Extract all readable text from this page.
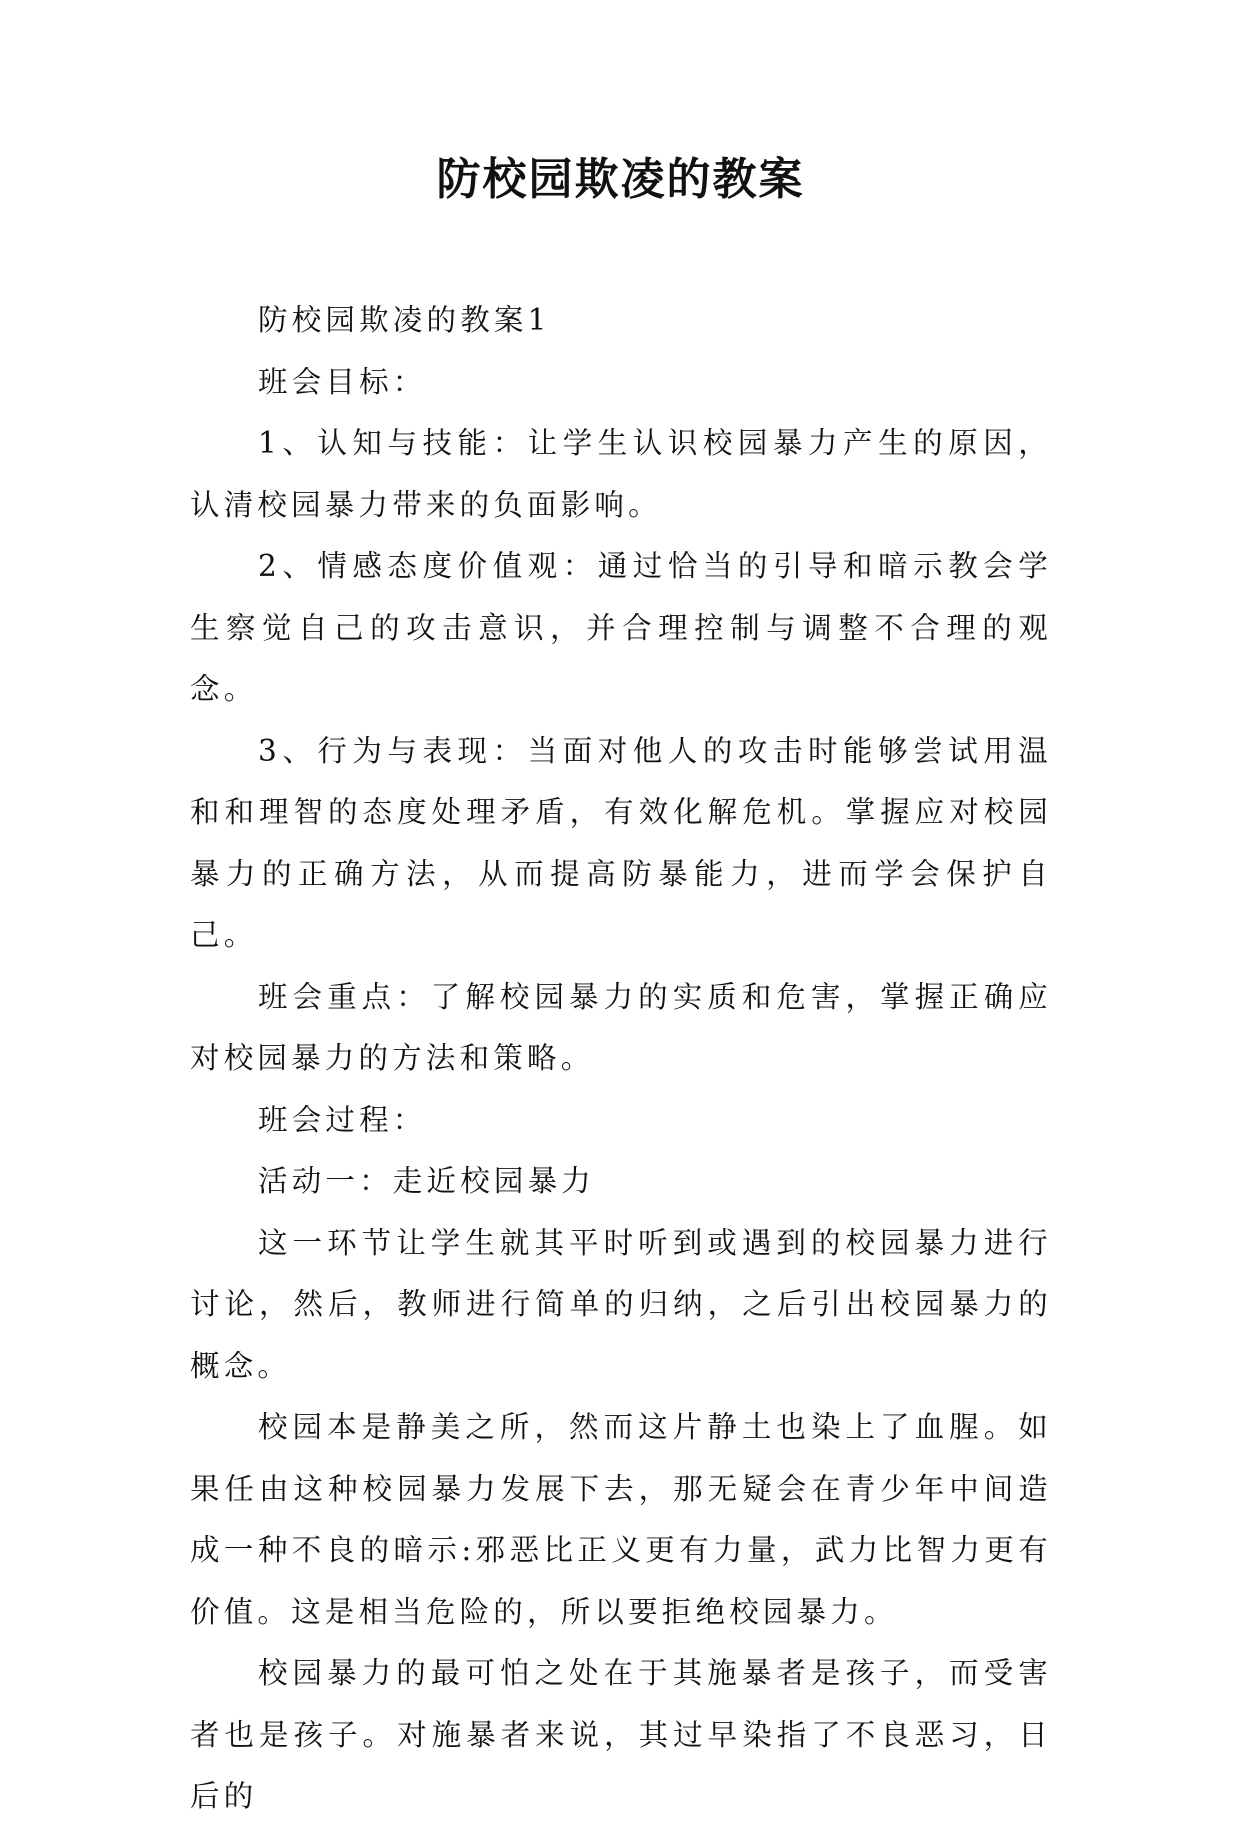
防校园欺凌的教案

防校园欺凌的教案1

班会目标：

1、认知与技能：让学生认识校园暴力产生的原因，认清校园暴力带来的负面影响。

2、情感态度价值观：通过恰当的引导和暗示教会学生察觉自己的攻击意识，并合理控制与调整不合理的观念。

3、行为与表现：当面对他人的攻击时能够尝试用温和和理智的态度处理矛盾，有效化解危机。掌握应对校园暴力的正确方法，从而提高防暴能力，进而学会保护自己。

班会重点：了解校园暴力的实质和危害，掌握正确应对校园暴力的方法和策略。

班会过程：

活动一：走近校园暴力

这一环节让学生就其平时听到或遇到的校园暴力进行讨论，然后，教师进行简单的归纳，之后引出校园暴力的概念。

校园本是静美之所，然而这片静土也染上了血腥。如果任由这种校园暴力发展下去，那无疑会在青少年中间造成一种不良的暗示:邪恶比正义更有力量，武力比智力更有价值。这是相当危险的，所以要拒绝校园暴力。

校园暴力的最可怕之处在于其施暴者是孩子，而受害者也是孩子。对施暴者来说，其过早染指了不良恶习，日后的
